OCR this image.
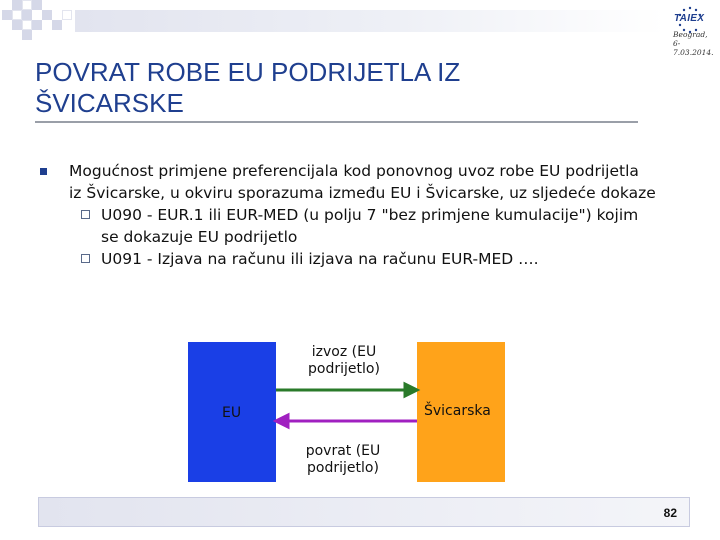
TAIEX
Beograd,
6-7.03.2014.
POVRAT ROBE EU PODRIJETLA IZ
ŠVICARSKE
Mogućnost primjene preferencijala kod ponovnog uvoz robe EU podrijetla
iz Švicarske, u okviru sporazuma između EU i Švicarske, uz sljedeće dokaze
U090 - EUR.1 ili EUR-MED (u polju 7 "bez primjene kumulacije") kojim
se dokazuje EU podrijetlo
U091 - Izjava na računu ili izjava na računu EUR-MED ….
EU	Švicarska
izvoz (EU
podrijetlo)
povrat (EU
podrijetlo)
82
